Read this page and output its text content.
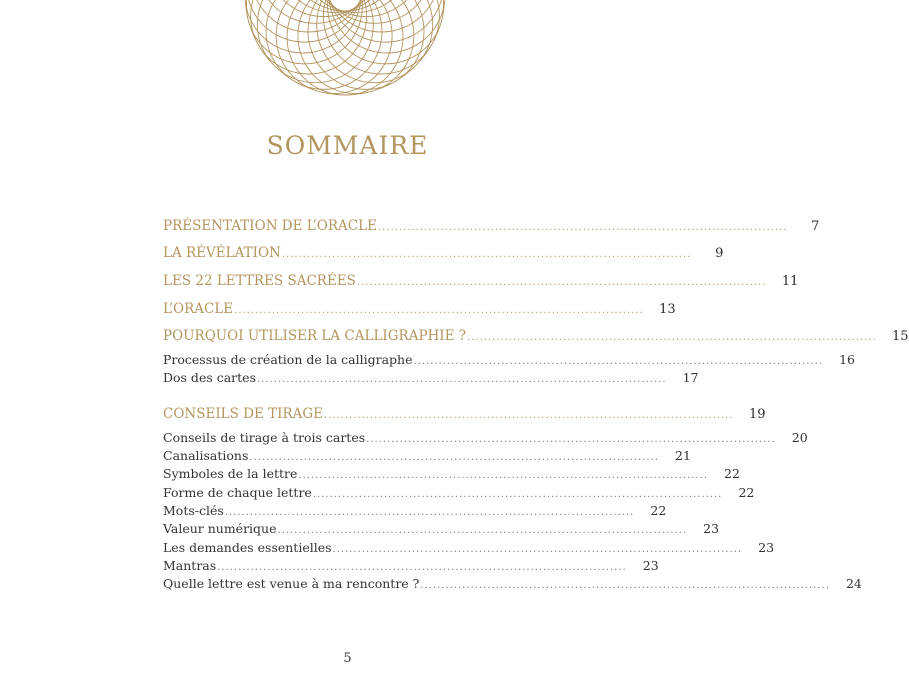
SOMMAIRE
PRÉSENTATION DE L’ORACLE ..................................................................................................	7
LA RÉVÉLATION ..................................................................................................	9
LES 22 LETTRES SACRÉES ..................................................................................................	11
L’ORACLE ..................................................................................................	13
POURQUOI UTILISER LA CALLIGRAPHIE ? ..................................................................................................	15
Processus de création de la calligraphe ..................................................................................................	16
Dos des cartes ..................................................................................................	17
CONSEILS DE TIRAGE ..................................................................................................	19
Conseils de tirage à trois cartes ..................................................................................................	20
Canalisations ..................................................................................................	21
Symboles de la lettre ..................................................................................................	22
Forme de chaque lettre ..................................................................................................	22
Mots-clés ..................................................................................................	22
Valeur numérique ..................................................................................................	23
Les demandes essentielles ..................................................................................................	23
Mantras ..................................................................................................	23
Quelle lettre est venue à ma rencontre ? ..................................................................................................	24
5
